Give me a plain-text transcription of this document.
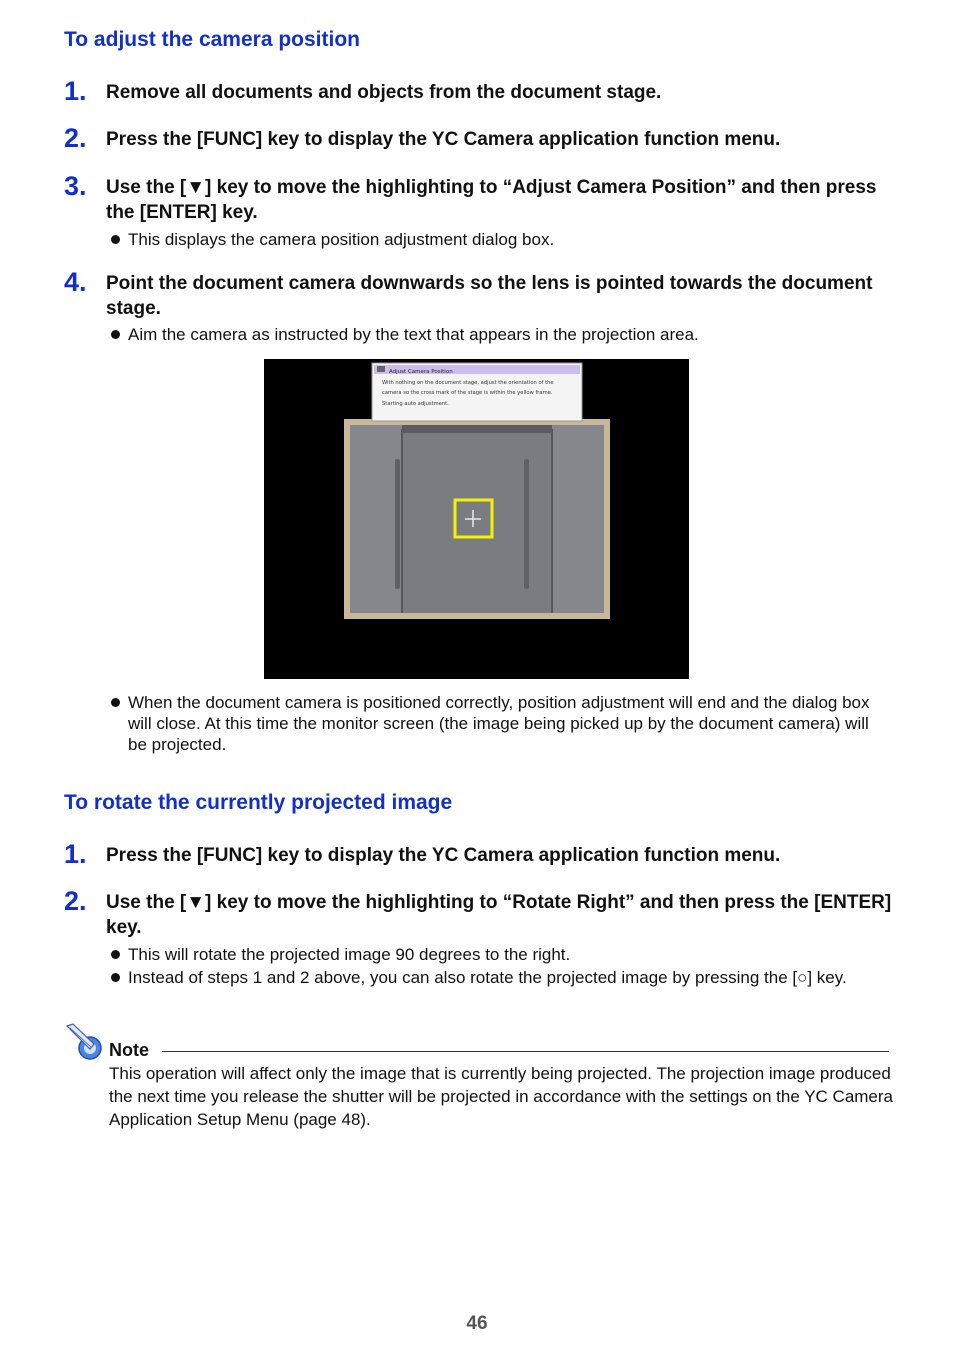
To adjust the camera position
1. Remove all documents and objects from the document stage.
2. Press the [FUNC] key to display the YC Camera application function menu.
3. Use the [▼] key to move the highlighting to “Adjust Camera Position” and then press the [ENTER] key.
This displays the camera position adjustment dialog box.
4. Point the document camera downwards so the lens is pointed towards the document stage.
Aim the camera as instructed by the text that appears in the projection area.
Adjust Camera Position
With nothing on the document stage, adjust the orientation of the
camera so the cross mark of the stage is within the yellow frame.
Starting auto adjustment.
When the document camera is positioned correctly, position adjustment will end and the dialog box will close. At this time the monitor screen (the image being picked up by the document camera) will be projected.
To rotate the currently projected image
1. Press the [FUNC] key to display the YC Camera application function menu.
2. Use the [▼] key to move the highlighting to “Rotate Right” and then press the [ENTER] key.
This will rotate the projected image 90 degrees to the right.
Instead of steps 1 and 2 above, you can also rotate the projected image by pressing the [○] key.
Note
This operation will affect only the image that is currently being projected. The projection image produced the next time you release the shutter will be projected in accordance with the settings on the YC Camera Application Setup Menu (page 48).
46
